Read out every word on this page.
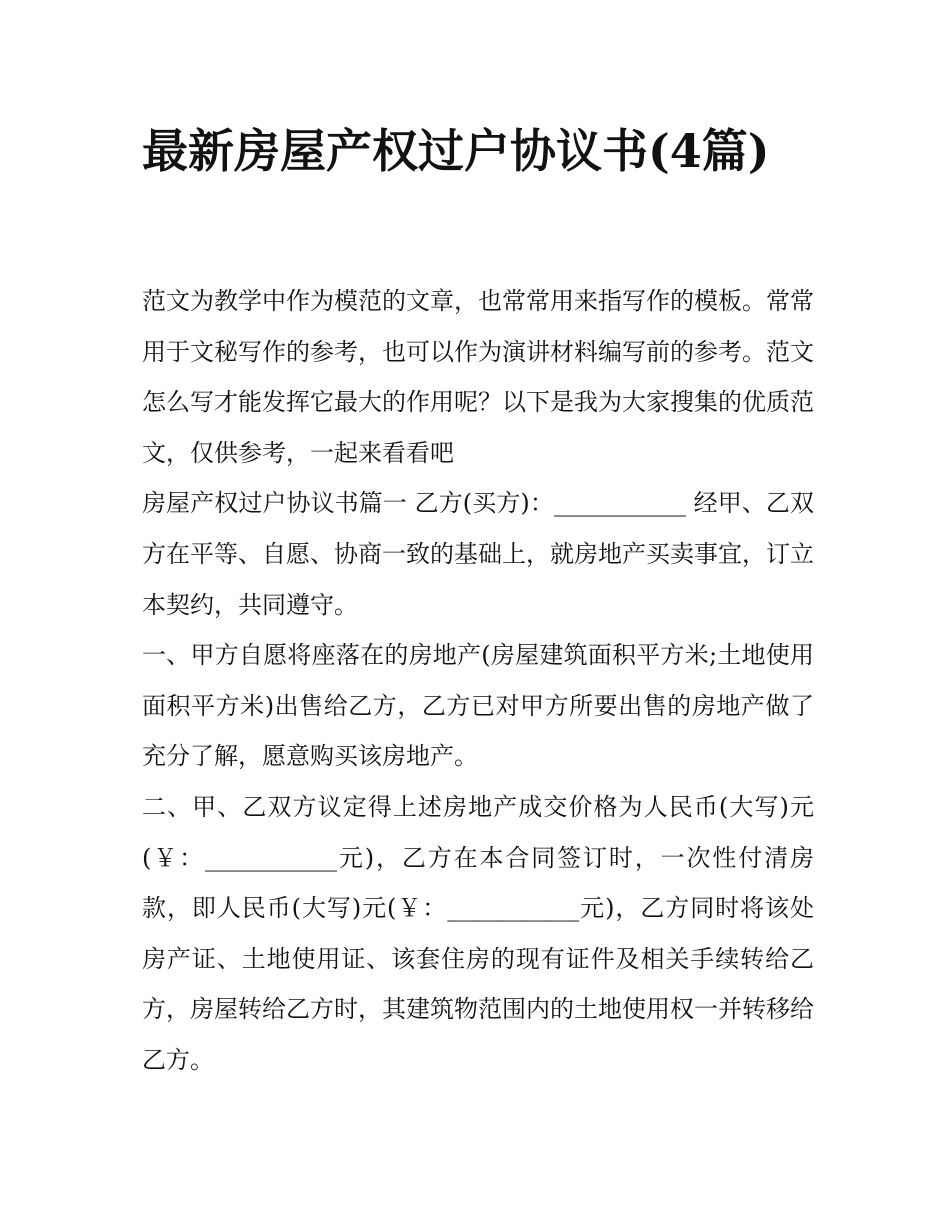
最新房屋产权过户协议书(4篇)

范文为教学中作为模范的文章，也常常用来指写作的模板。常常用于文秘写作的参考，也可以作为演讲材料编写前的参考。范文怎么写才能发挥它最大的作用呢？以下是我为大家搜集的优质范文，仅供参考，一起来看看吧

房屋产权过户协议书篇一 乙方(买方)：___________ 经甲、乙双方在平等、自愿、协商一致的基础上，就房地产买卖事宜，订立本契约，共同遵守。

一、甲方自愿将座落在的房地产(房屋建筑面积平方米;土地使用面积平方米)出售给乙方，乙方已对甲方所要出售的房地产做了充分了解，愿意购买该房地产。

二、甲、乙双方议定得上述房地产成交价格为人民币(大写)元(￥：___________元)，乙方在本合同签订时，一次性付清房款，即人民币(大写)元(￥：___________元)，乙方同时将该处房产证、土地使用证、该套住房的现有证件及相关手续转给乙方，房屋转给乙方时，其建筑物范围内的土地使用权一并转移给乙方。
